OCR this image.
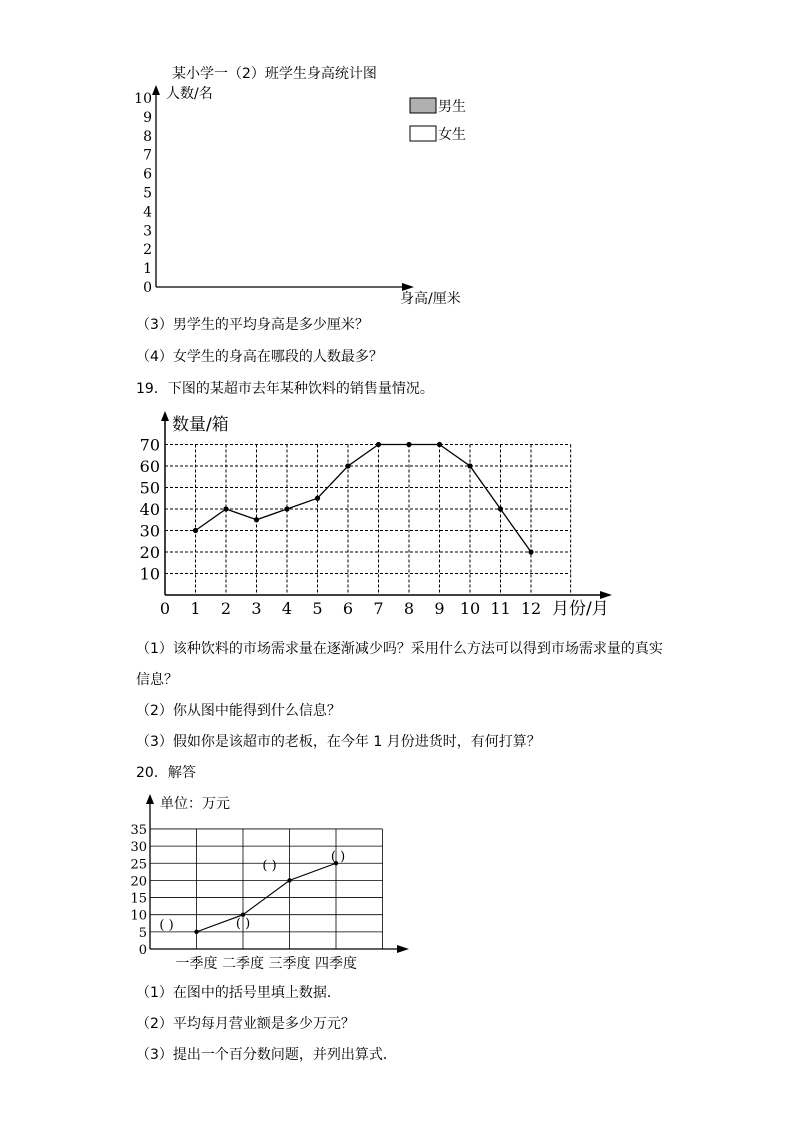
某小学一（2）班学生身高统计图
人数/名
0
1
2
3
4
5
6
7
8
9
10
身高/厘米
男生
女生
（3）男学生的平均身高是多少厘米？
（4）女学生的身高在哪段的人数最多？
19．下图的某超市去年某种饮料的销售量情况。
数量/箱
10
20
30
40
50
60
70
0 1 2 3 4 5 6 7 8 9 10 11 12 月份/月
（1）该种饮料的市场需求量在逐渐减少吗？采用什么方法可以得到市场需求量的真实
信息？
（2）你从图中能得到什么信息？
（3）假如你是该超市的老板，在今年 1 月份进货时，有何打算？
20．解答
单位：万元
0
5
10
15
20
25
30
35
一季度 二季度 三季度 四季度
( )	( )
( )
( )
（1）在图中的括号里填上数据．
（2）平均每月营业额是多少万元？
（3）提出一个百分数问题，并列出算式．
